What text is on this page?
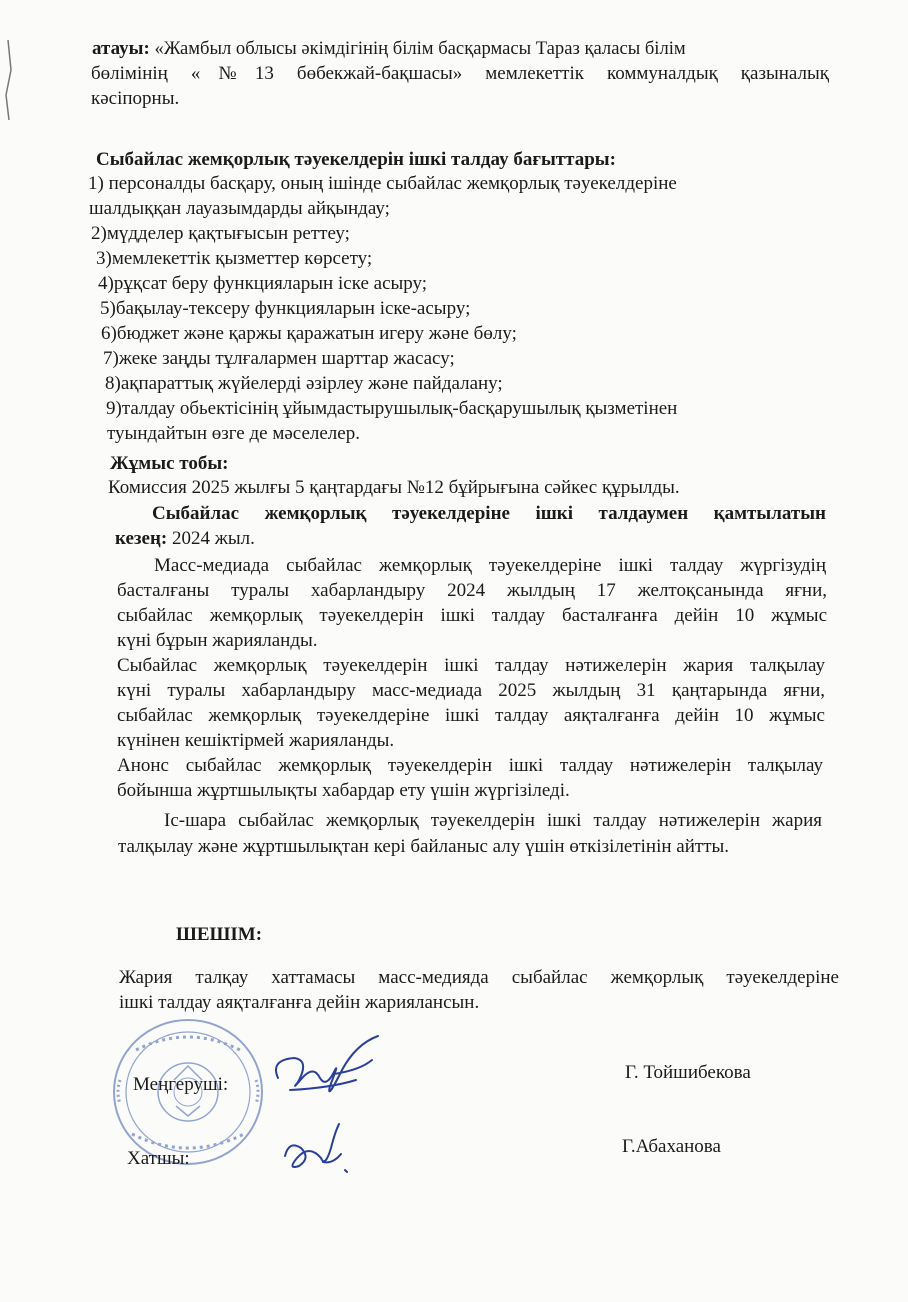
атауы: «Жамбыл облысы әкімдігінің білім басқармасы Тараз қаласы білім

бөлімінің «№13 бөбекжай-бақшасы» мемлекеттік коммуналдық қазыналық

кәсіпорны.

Сыбайлас жемқорлық тәуекелдерін ішкі талдау бағыттары:

1) персоналды басқару, оның ішінде сыбайлас жемқорлық тәуекелдеріне

шалдыққан лауазымдарды айқындау;

2)мүдделер қақтығысын реттеу;

3)мемлекеттік қызметтер көрсету;

4)рұқсат беру функцияларын іске асыру;

5)бақылау-тексеру функцияларын іске-асыру;

6)бюджет және қаржы қаражатын игеру және бөлу;

7)жеке заңды тұлғалармен шарттар жасасу;

8)ақпараттық жүйелерді әзірлеу және пайдалану;

9)талдау обьектісінің ұйымдастырушылық-басқарушылық қызметінен

туындайтын өзге де мәселелер.

Жұмыс тобы:

Комиссия 2025 жылғы 5 қаңтардағы №12 бұйрығына сәйкес құрылды.

Сыбайлас жемқорлық тәуекелдеріне ішкі талдаумен қамтылатын

кезең: 2024 жыл.

Масс-медиада сыбайлас жемқорлық тәуекелдеріне ішкі талдау жүргізудің

басталғаны туралы хабарландыру 2024 жылдың 17 желтоқсанында яғни,

сыбайлас жемқорлық тәуекелдерін ішкі талдау басталғанға дейін 10 жұмыс

күні бұрын жарияланды.

Сыбайлас жемқорлық тәуекелдерін ішкі талдау нәтижелерін жария талқылау

күні туралы хабарландыру масс-медиада 2025 жылдың 31 қаңтарында яғни,

сыбайлас жемқорлық тәуекелдеріне ішкі талдау аяқталғанға дейін 10 жұмыс

күнінен кешіктірмей жарияланды.

Анонс сыбайлас жемқорлық тәуекелдерін ішкі талдау нәтижелерін талқылау

бойынша жұртшылықты хабардар ету үшін жүргізіледі.

Іс-шара сыбайлас жемқорлық тәуекелдерін ішкі талдау нәтижелерін жария

талқылау және жұртшылықтан кері байланыс алу үшін өткізілетінін айтты.

ШЕШІМ:

Жария талқау хаттамасы масс-медияда сыбайлас жемқорлық тәуекелдеріне

ішкі талдау аяқталғанға дейін жариялансын.

Меңгеруші:

Г. Тойшибекова

Хатшы:

Г.Абаханова
